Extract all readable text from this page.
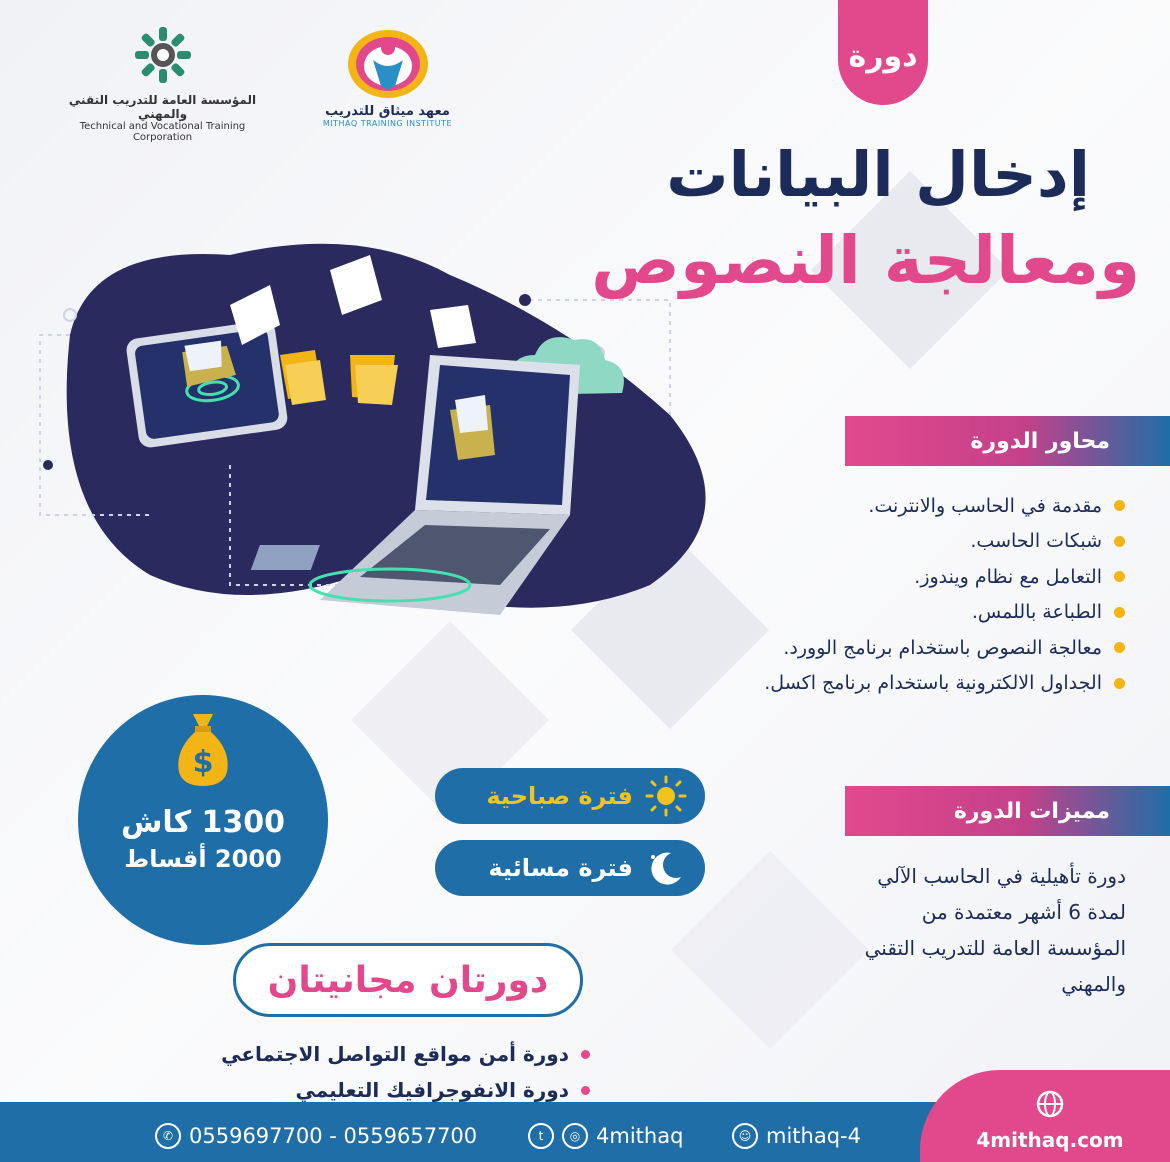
المؤسسة العامة للتدريب التقني والمهني
Technical and Vocational Training Corporation
معهد ميثاق للتدريب
MITHAQ TRAINING INSTITUTE
دورة
إدخال البيانات
ومعالجة النصوص
محاور الدورة
مقدمة في الحاسب والانترنت.
شبكات الحاسب.
التعامل مع نظام ويندوز.
الطباعة باللمس.
معالجة النصوص باستخدام برنامج الوورد.
الجداول الالكترونية باستخدام برنامج اكسل.
مميزات الدورة
دورة تأهيلية في الحاسب الآلي
لمدة 6 أشهر معتمدة من
المؤسسة العامة للتدريب التقني
والمهني
$
1300 كاش
2000 أقساط
فترة صباحية
فترة مسائية
دورتان مجانيتان
دورة أمن مواقع التواصل الاجتماعي
دورة الانفوجرافيك التعليمي
✆ 0559697700 - 0559657700	t	◎ 4mithaq	☺ mithaq-4	4mithaq.com
